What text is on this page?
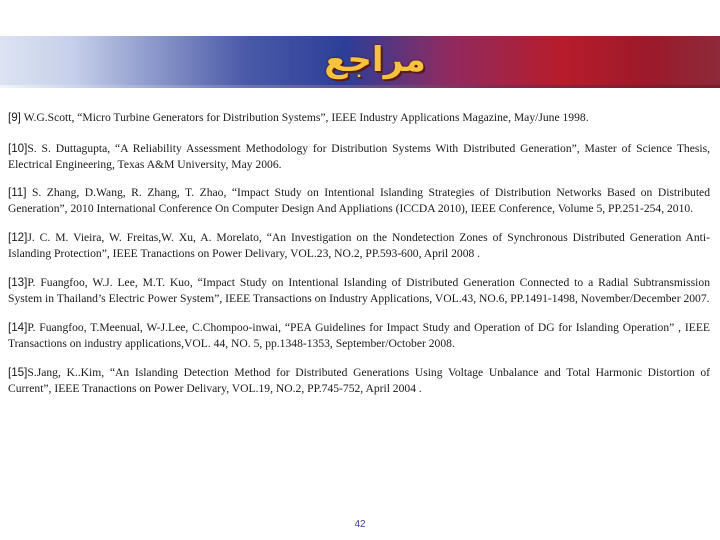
مراجع

[9] W.G.Scott, “Micro Turbine Generators for Distribution Systems”, IEEE Industry Applications Magazine, May/June 1998.

[10]S. S. Duttagupta, “A Reliability Assessment Methodology for Distribution Systems With Distributed Generation”, Master of Science Thesis, Electrical Engineering, Texas A&M University, May 2006.

[11] S. Zhang, D.Wang, R. Zhang, T. Zhao, “Impact Study on Intentional Islanding Strategies of Distribution Networks Based on Distributed Generation”, 2010 International Conference On Computer Design And Appliations (ICCDA 2010), IEEE Conference, Volume 5, PP.251-254, 2010.

[12]J. C. M. Vieira, W. Freitas,W. Xu, A. Morelato, “An Investigation on the Nondetection Zones of Synchronous Distributed Generation Anti-Islanding Protection”, IEEE Tranactions on Power Delivary, VOL.23, NO.2, PP.593-600, April 2008 .

[13]P. Fuangfoo, W.J. Lee, M.T. Kuo, “Impact Study on Intentional Islanding of Distributed Generation Connected to a Radial Subtransmission System in Thailand’s Electric Power System”, IEEE Transactions on Industry Applications, VOL.43, NO.6, PP.1491-1498, November/December 2007.

[14]P. Fuangfoo, T.Meenual, W-J.Lee, C.Chompoo-inwai, “PEA Guidelines for Impact Study and Operation of DG for Islanding Operation” , IEEE Transactions on industry applications,VOL. 44, NO. 5, pp.1348-1353, September/October 2008.

[15]S.Jang, K..Kim, “An Islanding Detection Method for Distributed Generations Using Voltage Unbalance and Total Harmonic Distortion of Current”, IEEE Tranactions on Power Delivary, VOL.19, NO.2, PP.745-752, April 2004 .

42
